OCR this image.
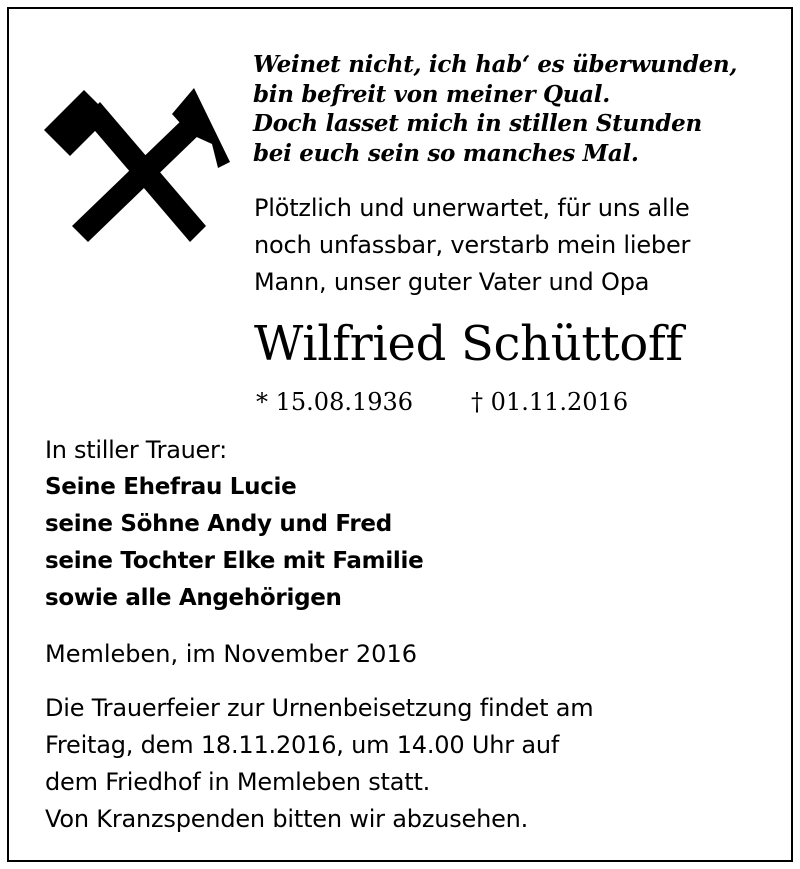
Weinet nicht, ich hab‘ es überwunden,
bin befreit von meiner Qual.
Doch lasset mich in stillen Stunden
bei euch sein so manches Mal.
Plötzlich und unerwartet, für uns alle
noch unfassbar, verstarb mein lieber
Mann, unser guter Vater und Opa
Wilfried Schüttoff
* 15.08.1936 † 01.11.2016
In stiller Trauer:
Seine Ehefrau Lucie
seine Söhne Andy und Fred
seine Tochter Elke mit Familie
sowie alle Angehörigen
Memleben, im November 2016
Die Trauerfeier zur Urnenbeisetzung findet am
Freitag, dem 18.11.2016, um 14.00 Uhr auf
dem Friedhof in Memleben statt.
Von Kranzspenden bitten wir abzusehen.
